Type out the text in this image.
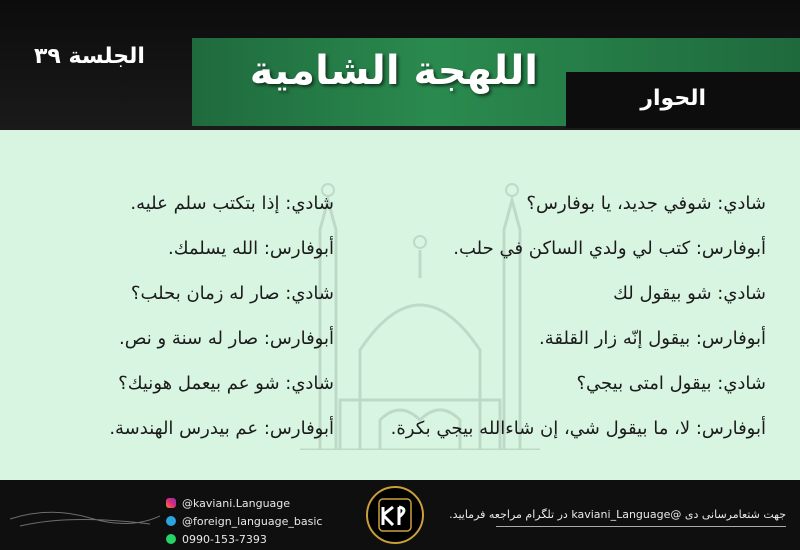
اللهجة الشامية
الحوار
الجلسة ٣٩
شادي: شوفي جديد، يا بوفارس؟
أبوفارس: كتب لي ولدي الساكن في حلب.
شادي: شو بيقول لك
أبوفارس: بيقول إنّه زار القلقة.
شادي: بيقول امتى بيجي؟
أبوفارس: لا، ما بيقول شي، إن شاءالله بيجي بكرة.
شادي: إذا بتكتب سلم عليه.
أبوفارس: الله يسلمك.
شادي: صار له زمان بحلب؟
أبوفارس: صار له سنة و نص.
شادي: شو عم بيعمل هونيك؟
أبوفارس: عم بيدرس الهندسة.
@kaviani.Language
@foreign_language_basic
0990-153-7393
جهت شتعامرسانی دی @kaviani_Language در تلگرام مراجعه فرمایید.
